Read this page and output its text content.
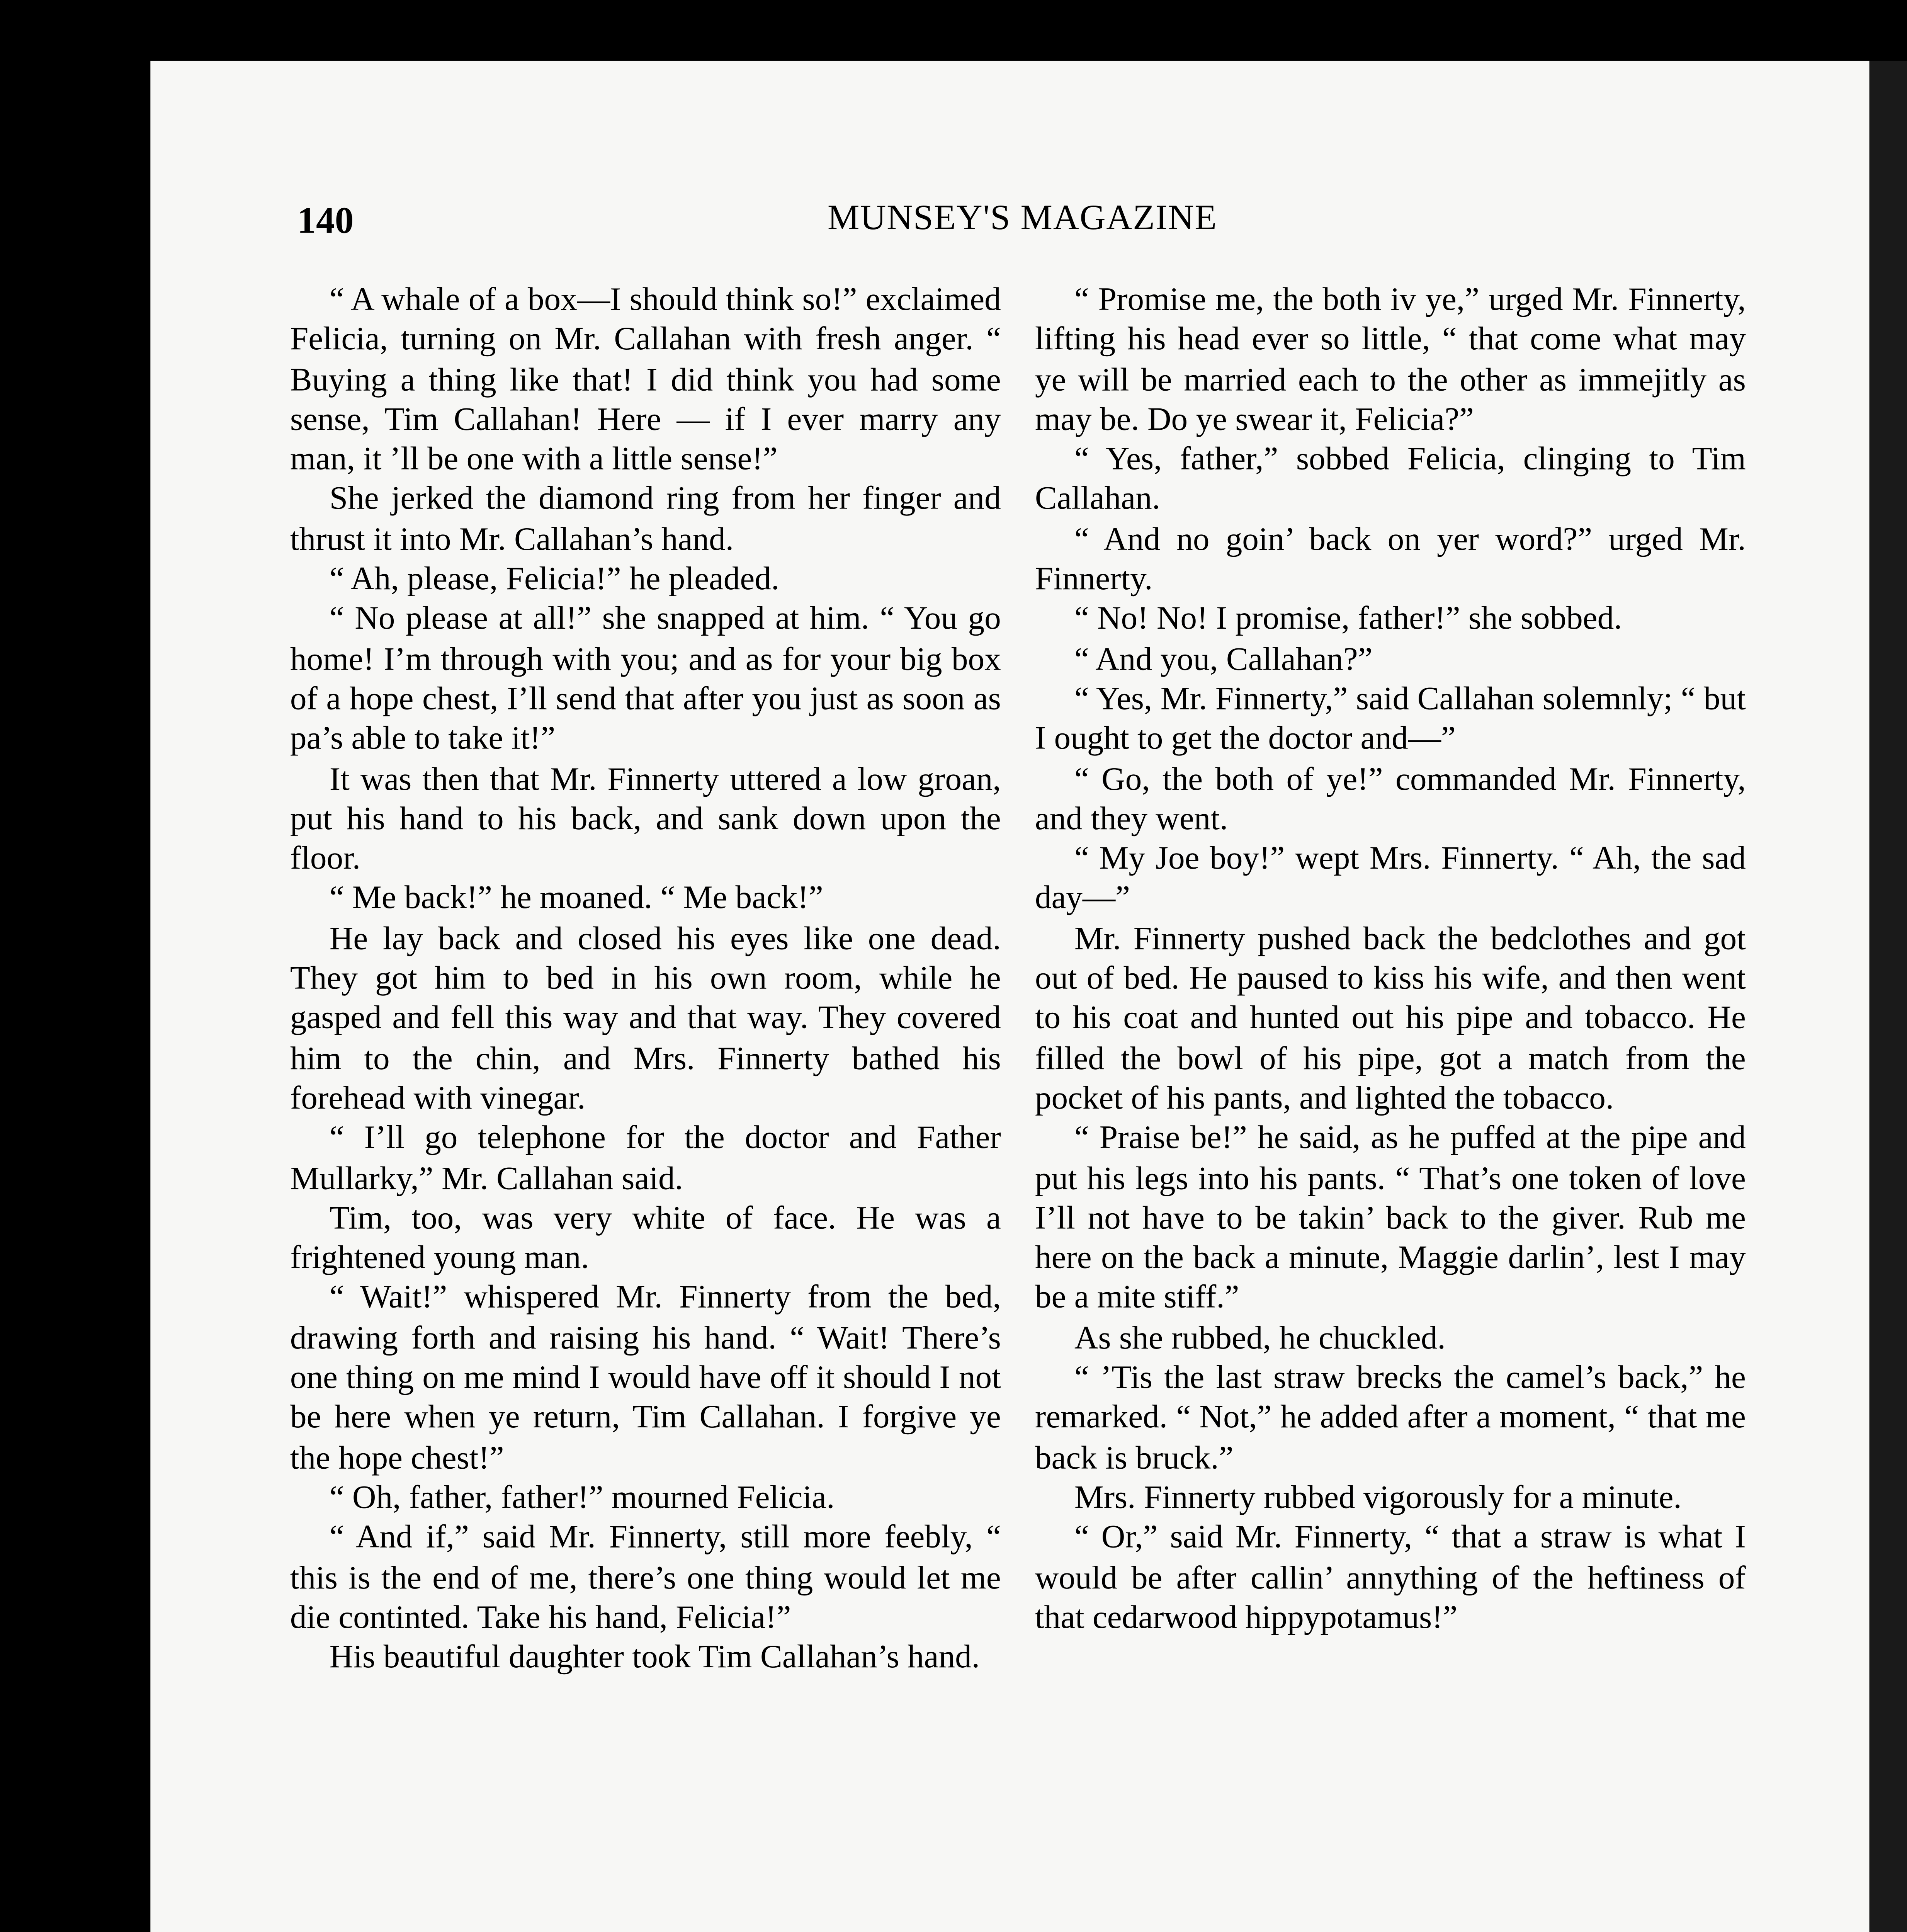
140	MUNSEY'S MAGAZINE

“ A whale of a box—I should think so!” exclaimed Felicia, turning on Mr. Callahan with fresh anger. “ Buying a thing like that! I did think you had some sense, Tim Callahan! Here — if I ever marry any man, it ’ll be one with a little sense!”

She jerked the diamond ring from her finger and thrust it into Mr. Callahan’s hand.

“ Ah, please, Felicia!” he pleaded.

“ No please at all!” she snapped at him. “ You go home! I’m through with you; and as for your big box of a hope chest, I’ll send that after you just as soon as pa’s able to take it!”

It was then that Mr. Finnerty uttered a low groan, put his hand to his back, and sank down upon the floor.

“ Me back!” he moaned. “ Me back!”

He lay back and closed his eyes like one dead. They got him to bed in his own room, while he gasped and fell this way and that way. They covered him to the chin, and Mrs. Finnerty bathed his forehead with vinegar.

“ I’ll go telephone for the doctor and Father Mullarky,” Mr. Callahan said.

Tim, too, was very white of face. He was a frightened young man.

“ Wait!” whispered Mr. Finnerty from the bed, drawing forth and raising his hand. “ Wait! There’s one thing on me mind I would have off it should I not be here when ye return, Tim Callahan. I forgive ye the hope chest!”

“ Oh, father, father!” mourned Felicia.

“ And if,” said Mr. Finnerty, still more feebly, “ this is the end of me, there’s one thing would let me die continted. Take his hand, Felicia!”

His beautiful daughter took Tim Callahan’s hand.

“ Promise me, the both iv ye,” urged Mr. Finnerty, lifting his head ever so little, “ that come what may ye will be married each to the other as immejitly as may be. Do ye swear it, Felicia?”

“ Yes, father,” sobbed Felicia, clinging to Tim Callahan.

“ And no goin’ back on yer word?” urged Mr. Finnerty.

“ No! No! I promise, father!” she sobbed.

“ And you, Callahan?”

“ Yes, Mr. Finnerty,” said Callahan solemnly; “ but I ought to get the doctor and—”

“ Go, the both of ye!” commanded Mr. Finnerty, and they went.

“ My Joe boy!” wept Mrs. Finnerty. “ Ah, the sad day—”

Mr. Finnerty pushed back the bedclothes and got out of bed. He paused to kiss his wife, and then went to his coat and hunted out his pipe and tobacco. He filled the bowl of his pipe, got a match from the pocket of his pants, and lighted the tobacco.

“ Praise be!” he said, as he puffed at the pipe and put his legs into his pants. “ That’s one token of love I’ll not have to be takin’ back to the giver. Rub me here on the back a minute, Maggie darlin’, lest I may be a mite stiff.”

As she rubbed, he chuckled.

“ ’Tis the last straw brecks the camel’s back,” he remarked. “ Not,” he added after a moment, “ that me back is bruck.”

Mrs. Finnerty rubbed vigorously for a minute.

“ Or,” said Mr. Finnerty, “ that a straw is what I would be after callin’ annything of the heftiness of that cedarwood hippypotamus!”
